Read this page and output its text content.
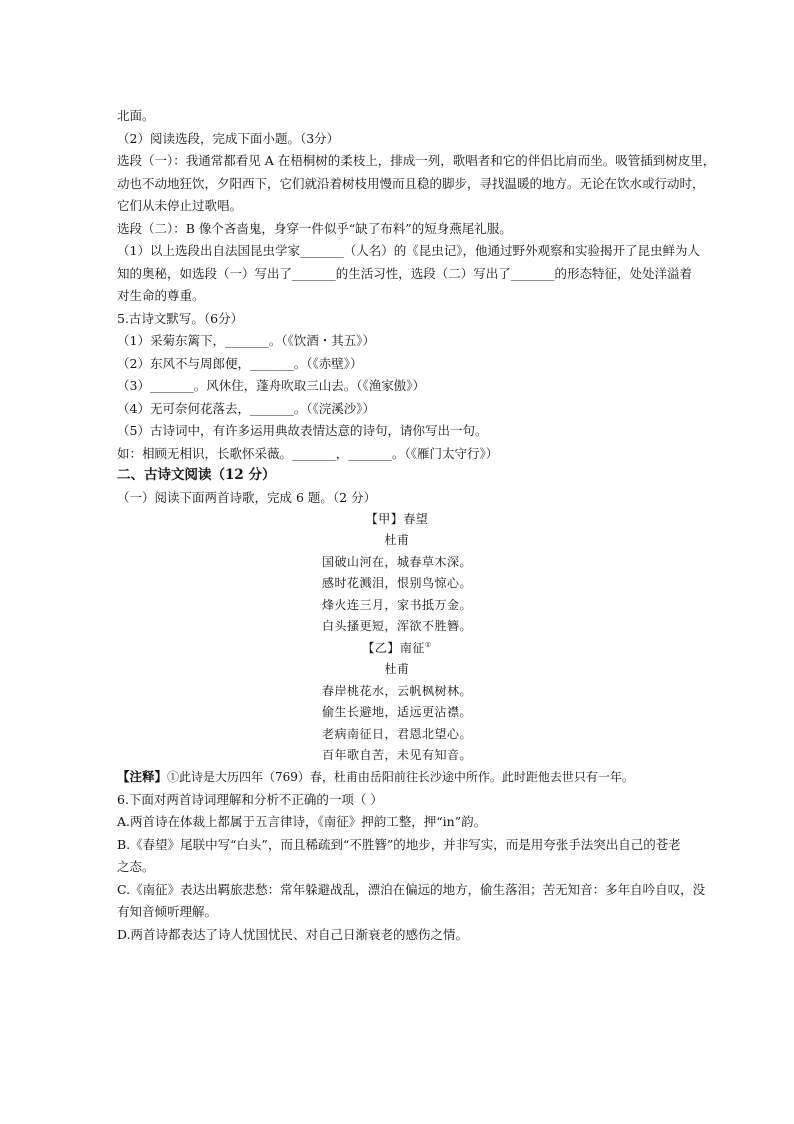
北面。
（2）阅读选段，完成下面小题。（3分）
选段（一）：我通常都看见 A 在梧桐树的柔枝上，排成一列，歌唱者和它的伴侣比肩而坐。吸管插到树皮里，
动也不动地狂饮，夕阳西下，它们就沿着树枝用慢而且稳的脚步，寻找温暖的地方。无论在饮水或行动时，
它们从未停止过歌唱。
选段（二）：B 像个吝啬鬼，身穿一件似乎“缺了布料”的短身燕尾礼服。
（1）以上选段出自法国昆虫学家_______（人名）的《昆虫记》，他通过野外观察和实验揭开了昆虫鲜为人
知的奥秘，如选段（一）写出了_______的生活习性，选段（二）写出了_______的形态特征，处处洋溢着
对生命的尊重。
5.古诗文默写。（6分）
（1）采菊东篱下，_______。（《饮酒・其五》）
（2）东风不与周郎便，_______。（《赤壁》）
（3）_______。风休住，蓬舟吹取三山去。（《渔家傲》）
（4）无可奈何花落去，_______。（《浣溪沙》）
（5）古诗词中，有许多运用典故表情达意的诗句，请你写出一句。
如：相顾无相识，长歌怀采薇。_______，_______。（《雁门太守行》）
二、古诗文阅读（12 分）
（一）阅读下面两首诗歌，完成 6 题。（2 分）
【甲】春望
杜甫
国破山河在，城春草木深。
感时花溅泪，恨别鸟惊心。
烽火连三月，家书抵万金。
白头搔更短，浑欲不胜簪。
【乙】南征①
杜甫
春岸桃花水，云帆枫树林。
偷生长避地，适远更沾襟。
老病南征日，君恩北望心。
百年歌自苦，未见有知音。
【注释】①此诗是大历四年（769）春，杜甫由岳阳前往长沙途中所作。此时距他去世只有一年。
6.下面对两首诗词理解和分析不正确的一项（ ）
A.两首诗在体裁上都属于五言律诗，《南征》押韵工整，押“in”韵。
B.《春望》尾联中写“白头”，而且稀疏到“不胜簪”的地步，并非写实，而是用夸张手法突出自己的苍老
之态。
C.《南征》表达出羁旅悲愁：常年躲避战乱，漂泊在偏远的地方，偷生落泪；苦无知音：多年自吟自叹，没
有知音倾听理解。
D.两首诗都表达了诗人忧国忧民、对自己日渐衰老的感伤之情。
